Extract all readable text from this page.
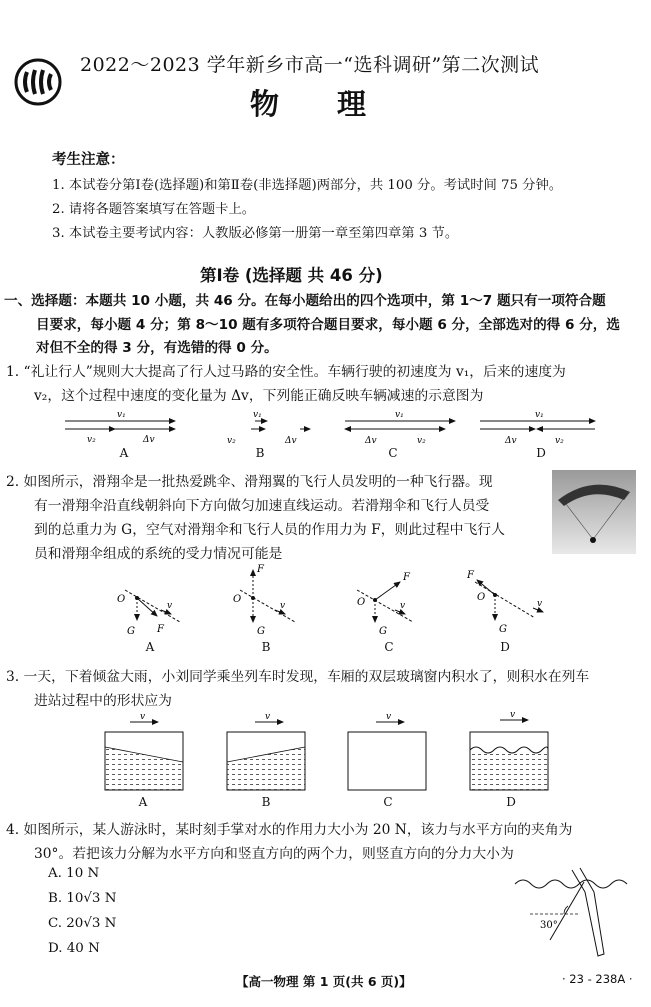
2022～2023 学年新乡市高一“选科调研”第二次测试
物理
考生注意：
1. 本试卷分第Ⅰ卷(选择题)和第Ⅱ卷(非选择题)两部分，共 100 分。考试时间 75 分钟。
2. 请将各题答案填写在答题卡上。
3. 本试卷主要考试内容：人教版必修第一册第一章至第四章第 3 节。
第Ⅰ卷 (选择题 共 46 分)
一、选择题：本题共 10 小题，共 46 分。在每小题给出的四个选项中，第 1～7 题只有一项符合题
目要求，每小题 4 分；第 8～10 题有多项符合题目要求，每小题 6 分，全部选对的得 6 分，选
对但不全的得 3 分，有选错的得 0 分。
1. “礼让行人”规则大大提高了行人过马路的安全性。车辆行驶的初速度为 v₁，后来的速度为
v₂，这个过程中速度的变化量为 Δv，下列能正确反映车辆减速的示意图为
v₁
v₂	Δv
v₁
v₂	Δv
v₁
Δv	v₂
v₁
Δv	v₂
A	B	C	D
2. 如图所示，滑翔伞是一批热爱跳伞、滑翔翼的飞行人员发明的一种飞行器。现
有一滑翔伞沿直线朝斜向下方向做匀加速直线运动。若滑翔伞和飞行人员受
到的总重力为 G，空气对滑翔伞和飞行人员的作用力为 F，则此过程中飞行人
员和滑翔伞组成的系统的受力情况可能是
O
v
F
G
O
F
v
G
O
F
v
G
F
O
v
G
A	B	C	D
3. 一天，下着倾盆大雨，小刘同学乘坐列车时发现，车厢的双层玻璃窗内积水了，则积水在列车
进站过程中的形状应为
v	v	v	v
A	B	C	D
4. 如图所示，某人游泳时，某时刻手掌对水的作用力大小为 20 N，该力与水平方向的夹角为
30°。若把该力分解为水平方向和竖直方向的两个力，则竖直方向的分力大小为
A. 10 N
B. 10√3 N
C. 20√3 N
D. 40 N
30°
【高一物理 第 1 页(共 6 页)】	· 23 - 238A ·
